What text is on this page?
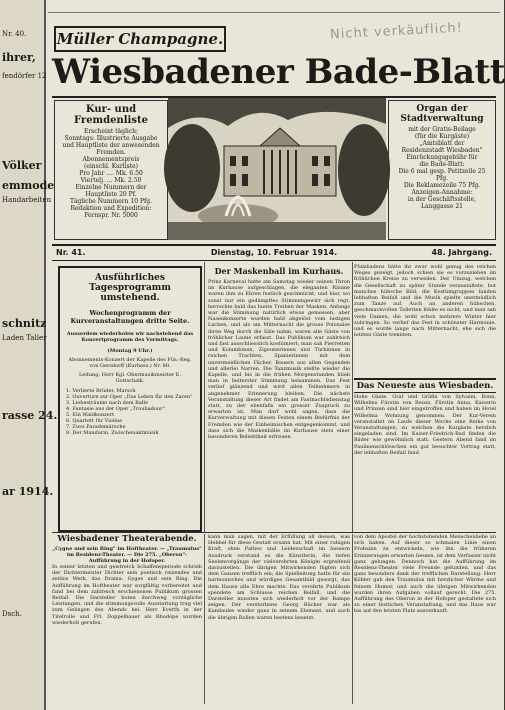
Nr. 40.
ihrer,
fendörfer 12
Völker
emmode
Handarbeiten
schnitz
Laden Taller
rasse 24.
ar 1914.
Dsch.
Müller Champagne.	Nicht verkäuflich!
Wiesbadener Bade-Blatt
Kur- und Fremdenliste
Erscheint täglich;
Sonntags: Illustrierte Ausgabe
und Hauptliste der anwesenden
Fremden.
Abonnementspreis
(einschl. Kurliste)
Pro Jahr .... Mk. 6.50
Viertelj. ... Mk. 2.50
Einzelne Nummern der Hauptliste 20 Pf.
Tägliche Nummern 10 Pfg.
Redaktion und Expedition:
Fernspr. Nr. 5000
Organ der Stadtverwaltung
mit der Gratis-Beilage
(für die Kurgäste)
„Amtsblatt der
Residenzstadt Wiesbaden"
Einrückungsgebühr für
die Bade-Blatt:
Die 6 mal gesp. Petitzeile 25 Pfg.
Die Reklamezeile 75 Pfg.
Anzeigen-Annahme:
in der Geschäftsstelle, Langgasse 21
Nr. 41.	Dienstag, 10. Februar 1914.	48. Jahrgang.
Ausführliches Tagesprogramm umstehend.
Wochenprogramm der Kurveranstaltungen dritte Seite.
Ausserdem wiederholen wir nachstehend das Konzertprogramm des Vormittags.
(Montag 9 Uhr.)
Abonnements-Konzert der Kapelle des Füs.-Reg. von Gersdorff (Kurhess.) Nr. 80.
Leitung: Herr Kgl. Obermusikmeister E. Gottschalk.
1. Verlierte Brüder, Marsch
2. Ouverture zur Oper „Das Leben für den Zaren"
3. Liebesträume nach dem Balle
4. Fantasie aus der Oper „Troubadour"
5. Ein Waldkonzert
6. Quartett für Violine
7. Zwei Parademärsche
8. Der Mandarin, Zwischenaktmusik
Der Maskenball im Kurhaus.
Prinz Karneval hatte am Samstag wieder seinen Thron im Kurhause aufgeschlagen, die eleganten Räume waren ihm zu Ehren festlich geschmückt, und hier, wo sonst nur ein gedämpftes Stimmengewirr sich regt, herrschte bald das bunte Treiben der Masken. Anfangs war die Stimmung natürlich etwas gemessen, aber Nasenkonzerte wurden bald abgelöst vom lustigen Lachen, und als um Mitternacht die grosse Polonaise ihren Weg durch die Säle nahm, waren alle Gäste von fröhlicher Laune erfasst. Das Publikum war zahlreich und fast ausschliesslich kostümiert; man sah Pierretten und Kolumbinen, Zigeunerinnen und Türkinnen in reichen Trachten, Spanierinnen mit dem unvermeidlichen Fächer, Bauern aus allen Gegenden und allerlei Narren. Die Tanzmusik stellte wieder die Kapelle, und bis in die frühen Morgenstunden blieb man in heiterster Stimmung beisammen. Das Fest verlief glänzend und wird allen Teilnehmern in angenehmer Erinnerung bleiben. Die nächste Veranstaltung dieser Art findet am Fastnachtsdienstag statt, zu der ebenfalls ein grosser Zuspruch zu erwarten ist. Man darf wohl sagen, dass die Kurverwaltung mit diesen Festen einem Bedürfnis der Fremden wie der Einheimischen entgegenkommt, und dass sich die Maskenbälle im Kurhause stets einer besonderen Beliebtheit erfreuen.
Pfalzbadens hätte ihr zwar wohl genug des reichen Weges gezeigt, jedoch schien sie es vorzuziehen im fröhlichen Kreise zu verweilen. Der Umzug, welchen die Gesellschaft zu später Stunde veranstaltete, bot manches hübsche Bild; die Kostümgruppen fanden lebhaften Beifall und die Musik spielte unermüdlich zum Tanze auf. Auch an anderen hübschen, geschmackvollen Toiletten fehlte es nicht, und man sah viele Damen, die wohl schon mehrere Winter hier zubringen. So verlief das Fest in schönster Harmonie, und es wurde lange nach Mitternacht, ehe sich die letzten Gäste trennten.
Das Neueste aus Wiesbaden.
Hohe Gäste. Graf und Gräfin von Sylvaini, Bonn, Wilhelms Fürstin von Reuss, Fürstin Anna, Kaiserin und Prinzen sind hier eingetroffen und haben im Hotel Wilhelma Wohnung genommen. Der Kur-Verein veranstaltet im Laufe dieser Woche eine Reihe von Veranstaltungen, zu welchen die Kurgäste herzlich eingeladen sind. Im Kaiser-Friedrich-Bad finden die Bäder wie gewöhnlich statt. Gestern Abend fand im Paulinenschlösschen ein gut besuchter Vortrag statt, der lebhaften Beifall fand.
Wiesbadener Theaterabende.
„Cygne und sein Ring" im Hoftheater. — „Traumulus" im Residenz-Theater. — Die 275. „Oberon"-Aufführung in der Hofoper.
In seiner letzten und geistreich Schaffensperiode schrieb der Dichtermeister Dichter sein poetisch reizendes und zeitlos Werk, das Drama: Gyges und sein Ring. Die Aufführung im Hoftheater war sorgfältig vorbereitet und fand bei dem zahlreich erschienenen Publikum grossen Beifall. Die Darsteller boten durchweg vorzügliche Leistungen, und die stimmungsvolle Ausstattung trug viel zum Gelingen des Abends bei. Herr Everth in der Titelrolle und Frl. Doppelbauer als Rhodope wurden wiederholt gerufen.
kann man sagen, mit der Erfüllung all dessen, was Hebbel für diese Gestalt ersann hat. Mit einer ruhigen Kraft, ohne Pathos und Leidenschaft im äussern Ausdruck verstand es die Künstlerin, die tiefen Seelenvorgänge der vielverehrten Königin ergreifend darzustellen. Die übrigen Mitwirkenden fügten sich dem Ganzen trefflich ein; die Spielleitung hatte für ein harmonisches und würdiges Gesamtbild gesorgt, das dem Hause alle Ehre machte. Das verehrte Publikum spendete am Schlusse reichen Beifall, und die Darsteller mussten sich wiederholt vor der Rampe zeigen. Der verstorbene Georg Rücker war als Kandaules wieder ganz in seinem Element, und auch die übrigen Rollen waren bestens besetzt.
von dem Apostel der hochstehenden Menschenliebe an sich haben. Auf dieser so schmalen Linie einen Frohsinn zu entwickeln, wie ihn die früheren Erinnerungen erwarten liessen, ist dem Verfasser nicht ganz gelungen. Dennoch hat die Aufführung im Residenz-Theater viele Freunde gefunden, und das ganz besonders dank der trefflichen Darstellung. Herr Köhler gab den Traumulus mit herzlicher Wärme und feinem Humor, und auch die übrigen Mitwirkenden wurden ihren Aufgaben vollauf gerecht. Die 275. Aufführung des Oberon in der Hofoper gestaltete sich zu einer festlichen Veranstaltung, und das Haus war bis auf den letzten Platz ausverkauft.
